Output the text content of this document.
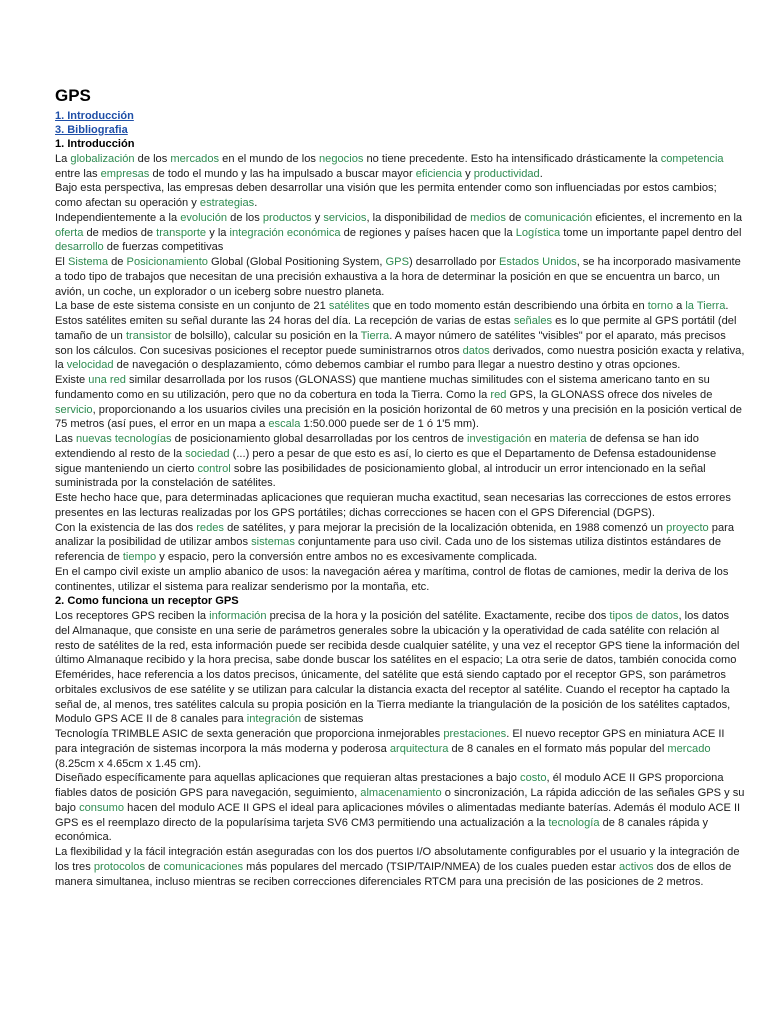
GPS
1. Introducción
3. Bibliografia
1. Introducción

La globalización de los mercados en el mundo de los negocios no tiene precedente. Esto ha intensificado drásticamente la competencia entre las empresas de todo el mundo y las ha impulsado a buscar mayor eficiencia y productividad.

Bajo esta perspectiva, las empresas deben desarrollar una visión que les permita entender como son influenciadas por estos cambios; como afectan su operación y estrategias.

Independientemente a la evolución de los productos y servicios, la disponibilidad de medios de comunicación eficientes, el incremento en la oferta de medios de transporte y la integración económica de regiones y países hacen que la Logística tome un importante papel dentro del desarrollo de fuerzas competitivas

El Sistema de Posicionamiento Global (Global Positioning System, GPS) desarrollado por Estados Unidos, se ha incorporado masivamente a todo tipo de trabajos que necesitan de una precisión exhaustiva a la hora de determinar la posición en que se encuentra un barco, un avión, un coche, un explorador o un iceberg sobre nuestro planeta.

La base de este sistema consiste en un conjunto de 21 satélites que en todo momento están describiendo una órbita en torno a la Tierra. Estos satélites emiten su señal durante las 24 horas del día. La recepción de varias de estas señales es lo que permite al GPS portátil (del tamaño de un transistor de bolsillo), calcular su posición en la Tierra. A mayor número de satélites "visibles" por el aparato, más precisos son los cálculos. Con sucesivas posiciones el receptor puede suministrarnos otros datos derivados, como nuestra posición exacta y relativa, la velocidad de navegación o desplazamiento, cómo debemos cambiar el rumbo para llegar a nuestro destino y otras opciones.

Existe una red similar desarrollada por los rusos (GLONASS) que mantiene muchas similitudes con el sistema americano tanto en su fundamento como en su utilización, pero que no da cobertura en toda la Tierra. Como la red GPS, la GLONASS ofrece dos niveles de servicio, proporcionando a los usuarios civiles una precisión en la posición horizontal de 60 metros y una precisión en la posición vertical de 75 metros (así pues, el error en un mapa a escala 1:50.000 puede ser de 1 ó 1'5 mm).

Las nuevas tecnologías de posicionamiento global desarrolladas por los centros de investigación en materia de defensa se han ido extendiendo al resto de la sociedad (...) pero a pesar de que esto es así, lo cierto es que el Departamento de Defensa estadounidense sigue manteniendo un cierto control sobre las posibilidades de posicionamiento global, al introducir un error intencionado en la señal suministrada por la constelación de satélites.

Este hecho hace que, para determinadas aplicaciones que requieran mucha exactitud, sean necesarias las correcciones de estos errores presentes en las lecturas realizadas por los GPS portátiles; dichas correcciones se hacen con el GPS Diferencial (DGPS).

Con la existencia de las dos redes de satélites, y para mejorar la precisión de la localización obtenida, en 1988 comenzó un proyecto para analizar la posibilidad de utilizar ambos sistemas conjuntamente para uso civil. Cada uno de los sistemas utiliza distintos estándares de referencia de tiempo y espacio, pero la conversión entre ambos no es excesivamente complicada.

En el campo civil existe un amplio abanico de usos: la navegación aérea y marítima, control de flotas de camiones, medir la deriva de los continentes, utilizar el sistema para realizar senderismo por la montaña, etc.

2. Como funciona un receptor GPS

Los receptores GPS reciben la información precisa de la hora y la posición del satélite. Exactamente, recibe dos tipos de datos, los datos del Almanaque, que consiste en una serie de parámetros generales sobre la ubicación y la operatividad de cada satélite con relación al resto de satélites de la red, esta información puede ser recibida desde cualquier satélite, y una vez el receptor GPS tiene la información del último Almanaque recibido y la hora precisa, sabe donde buscar los satélites en el espacio; La otra serie de datos, también conocida como Efemérides, hace referencia a los datos precisos, únicamente, del satélite que está siendo captado por el receptor GPS, son parámetros orbitales exclusivos de ese satélite y se utilizan para calcular la distancia exacta del receptor al satélite. Cuando el receptor ha captado la señal de, al menos, tres satélites calcula su propia posición en la Tierra mediante la triangulación de la posición de los satélites captados,

Modulo GPS ACE II de 8 canales para integración de sistemas

Tecnología TRIMBLE ASIC de sexta generación que proporciona inmejorables prestaciones. El nuevo receptor GPS en miniatura ACE II para integración de sistemas incorpora la más moderna y poderosa arquitectura de 8 canales en el formato más popular del mercado (8.25cm x 4.65cm x 1.45 cm).

Diseñado específicamente para aquellas aplicaciones que requieran altas prestaciones a bajo costo, él modulo ACE II GPS proporciona fiables datos de posición GPS para navegación, seguimiento, almacenamiento o sincronización, La rápida adicción de las señales GPS y su bajo consumo hacen del modulo ACE II GPS el ideal para aplicaciones móviles o alimentadas mediante baterías. Además él modulo ACE II GPS es el reemplazo directo de la popularísima tarjeta SV6 CM3 permitiendo una actualización a la tecnología de 8 canales rápida y económica.

La flexibilidad y la fácil integración están aseguradas con los dos puertos I/O absolutamente configurables por el usuario y la integración de los tres protocolos de comunicaciones más populares del mercado (TSIP/TAIP/NMEA) de los cuales pueden estar activos dos de ellos de manera simultanea, incluso mientras se reciben correcciones diferenciales RTCM para una precisión de las posiciones de 2 metros.
